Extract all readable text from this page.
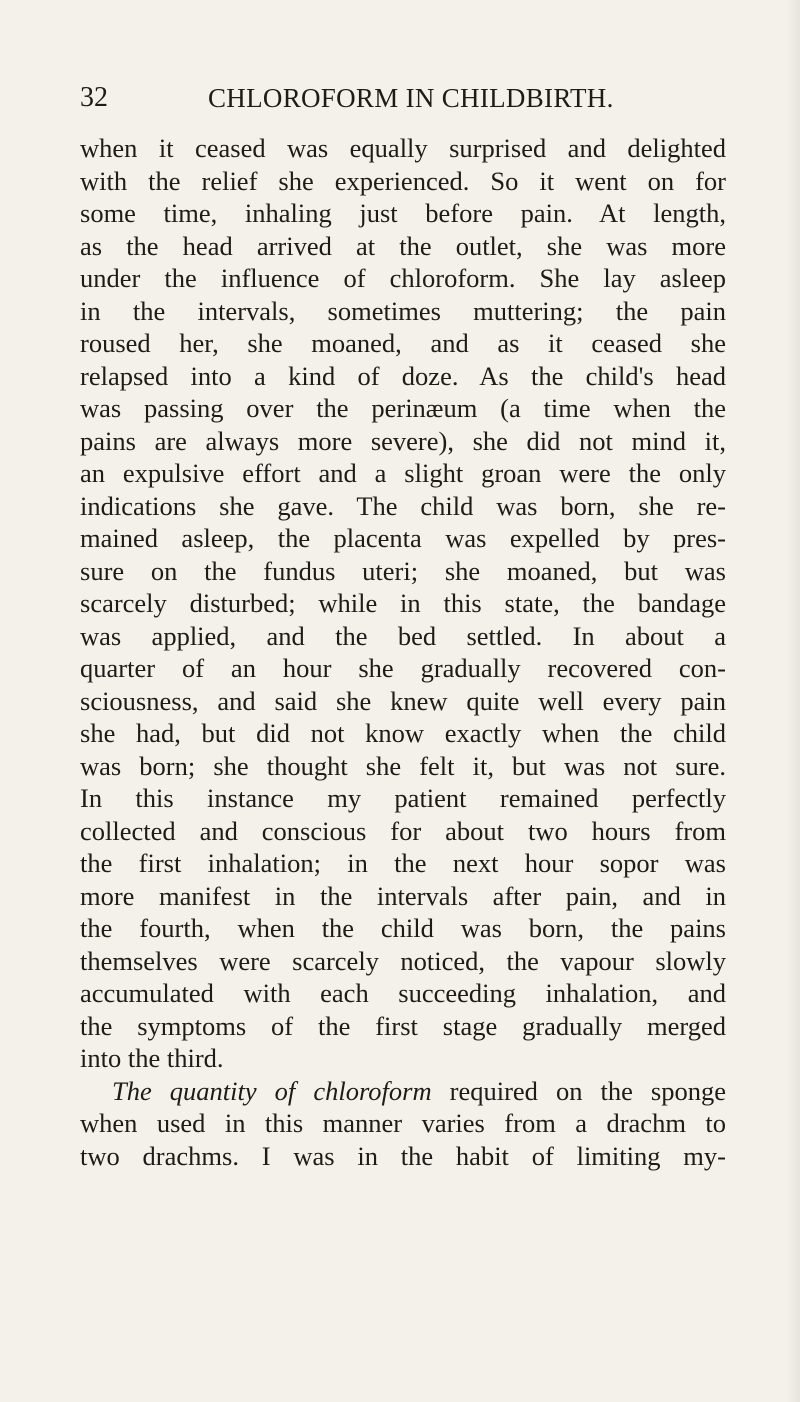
32	CHLOROFORM IN CHILDBIRTH.
when it ceased was equally surprised and delighted
with the relief she experienced. So it went on for
some time, inhaling just before pain. At length,
as the head arrived at the outlet, she was more
under the influence of chloroform. She lay asleep
in the intervals, sometimes muttering; the pain
roused her, she moaned, and as it ceased she
relapsed into a kind of doze. As the child's head
was passing over the perinæum (a time when the
pains are always more severe), she did not mind it,
an expulsive effort and a slight groan were the only
indications she gave. The child was born, she re-
mained asleep, the placenta was expelled by pres-
sure on the fundus uteri; she moaned, but was
scarcely disturbed; while in this state, the bandage
was applied, and the bed settled. In about a
quarter of an hour she gradually recovered con-
sciousness, and said she knew quite well every pain
she had, but did not know exactly when the child
was born; she thought she felt it, but was not sure.
In this instance my patient remained perfectly
collected and conscious for about two hours from
the first inhalation; in the next hour sopor was
more manifest in the intervals after pain, and in
the fourth, when the child was born, the pains
themselves were scarcely noticed, the vapour slowly
accumulated with each succeeding inhalation, and
the symptoms of the first stage gradually merged
into the third.
The quantity of chloroform required on the sponge
when used in this manner varies from a drachm to
two drachms. I was in the habit of limiting my-
